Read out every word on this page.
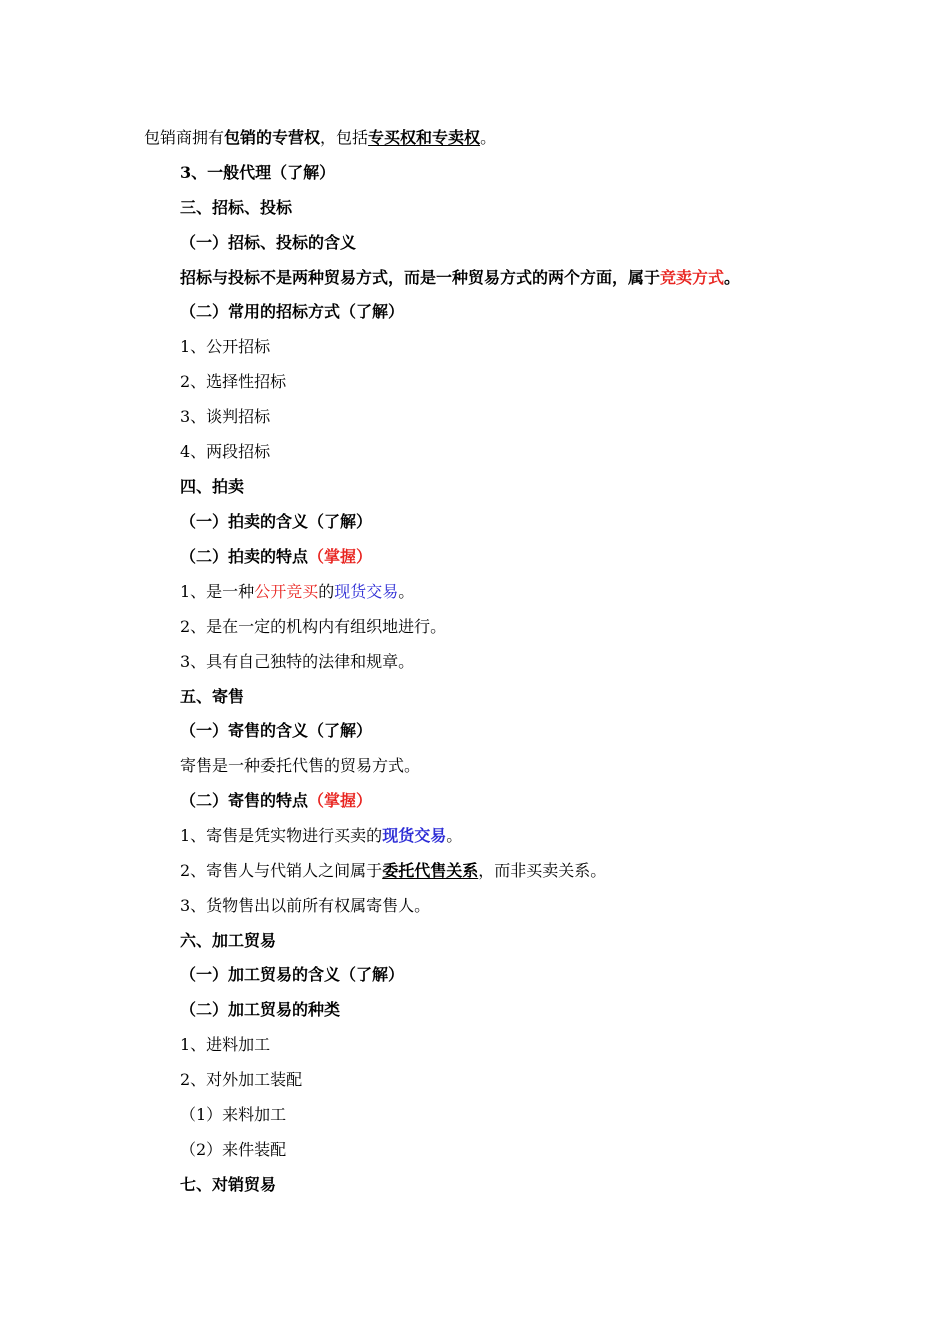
包销商拥有包销的专营权，包括专买权和专卖权。
3、一般代理（了解）
三、招标、投标
（一）招标、投标的含义
招标与投标不是两种贸易方式，而是一种贸易方式的两个方面，属于竞卖方式。
（二）常用的招标方式（了解）
1、公开招标
2、选择性招标
3、谈判招标
4、两段招标
四、拍卖
（一）拍卖的含义（了解）
（二）拍卖的特点（掌握）
1、是一种公开竞买的现货交易。
2、是在一定的机构内有组织地进行。
3、具有自己独特的法律和规章。
五、寄售
（一）寄售的含义（了解）
寄售是一种委托代售的贸易方式。
（二）寄售的特点（掌握）
1、寄售是凭实物进行买卖的现货交易。
2、寄售人与代销人之间属于委托代售关系，而非买卖关系。
3、货物售出以前所有权属寄售人。
六、加工贸易
（一）加工贸易的含义（了解）
（二）加工贸易的种类
1、进料加工
2、对外加工装配
（1）来料加工
（2）来件装配
七、对销贸易
